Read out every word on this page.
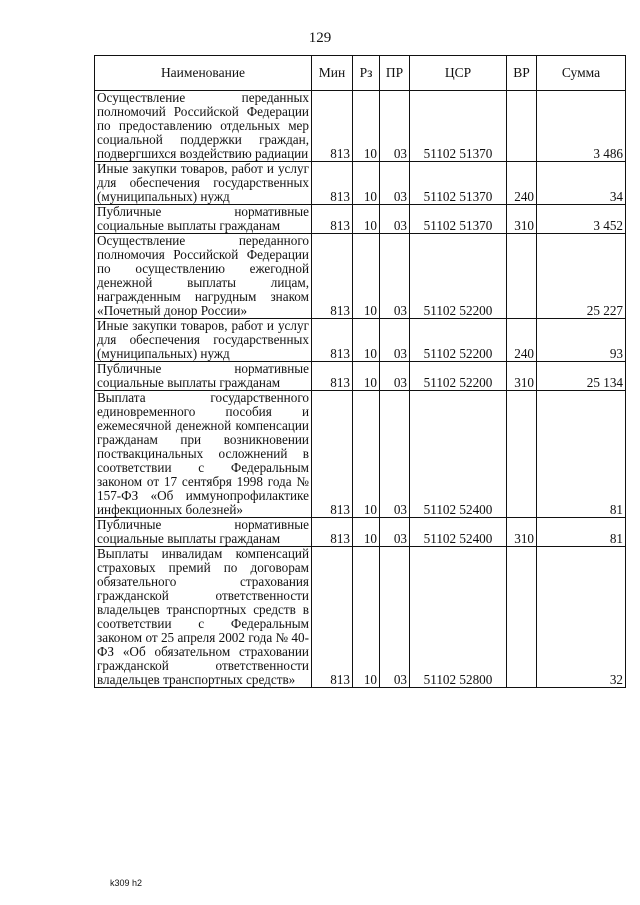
129
Наименование	Мин	Рз	ПР	ЦСР	ВР	Сумма
Осуществление переданных полномочий Российской Федерации по предоставлению отдельных мер социальной поддержки граждан, подвергшихся воздействию радиации	813	10	03	51102 51370		3 486
Иные закупки товаров, работ и услуг для обеспечения государственных (муниципальных) нужд	813	10	03	51102 51370	240	34
Публичные нормативные социальные выплаты гражданам	813	10	03	51102 51370	310	3 452
Осуществление переданного полномочия Российской Федерации по осуществлению ежегодной денежной выплаты лицам, награжденным нагрудным знаком «Почетный донор России»	813	10	03	51102 52200		25 227
Иные закупки товаров, работ и услуг для обеспечения государственных (муниципальных) нужд	813	10	03	51102 52200	240	93
Публичные нормативные социальные выплаты гражданам	813	10	03	51102 52200	310	25 134
Выплата государственного единовременного пособия и ежемесячной денежной компенсации гражданам при возникновении поствакцинальных осложнений в соответствии с Федеральным законом от 17 сентября 1998 года № 157-ФЗ «Об иммунопрофилактике инфекционных болезней»	813	10	03	51102 52400		81
Публичные нормативные социальные выплаты гражданам	813	10	03	51102 52400	310	81
Выплаты инвалидам компенсаций страховых премий по договорам обязательного страхования гражданской ответственности владельцев транспортных средств в соответствии с Федеральным законом от 25 апреля 2002 года № 40-ФЗ «Об обязательном страховании гражданской ответственности владельцев транспортных средств»	813	10	03	51102 52800		32
k309 h2
